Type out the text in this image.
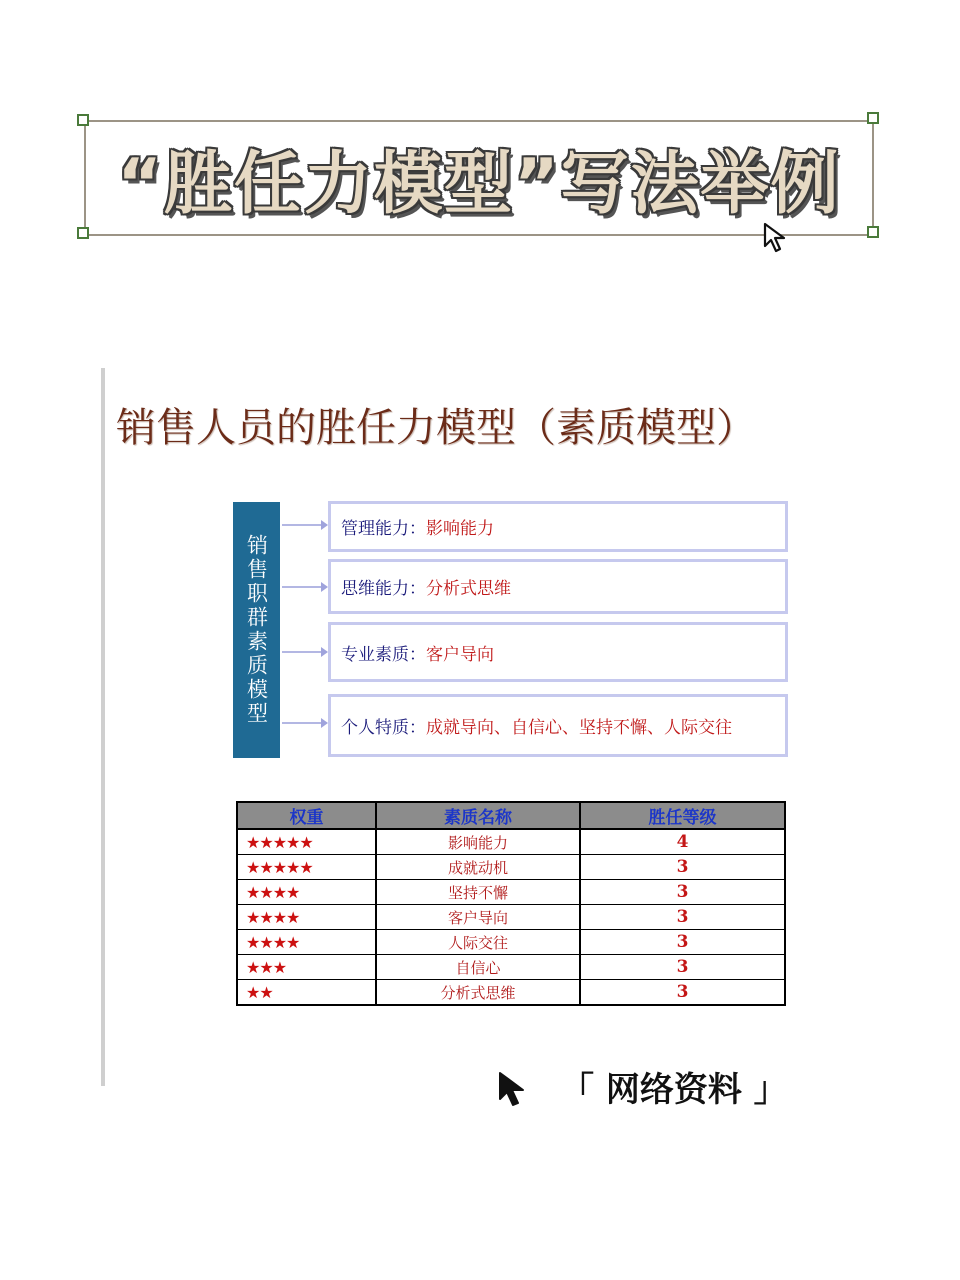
“胜任力模型”写法举例
销售人员的胜任力模型（素质模型）
销售职群素质模型
管理能力： 影响能力
思维能力： 分析式思维
专业素质： 客户导向
个人特质： 成就导向、自信心、坚持不懈、人际交往
权重	素质名称	胜任等级
★★★★★	影响能力	4
★★★★★	成就动机	3
★★★★	坚持不懈	3
★★★★	客户导向	3
★★★★	人际交往	3
★★★	自信心	3
★★	分析式思维	3
「 网络资料 」
